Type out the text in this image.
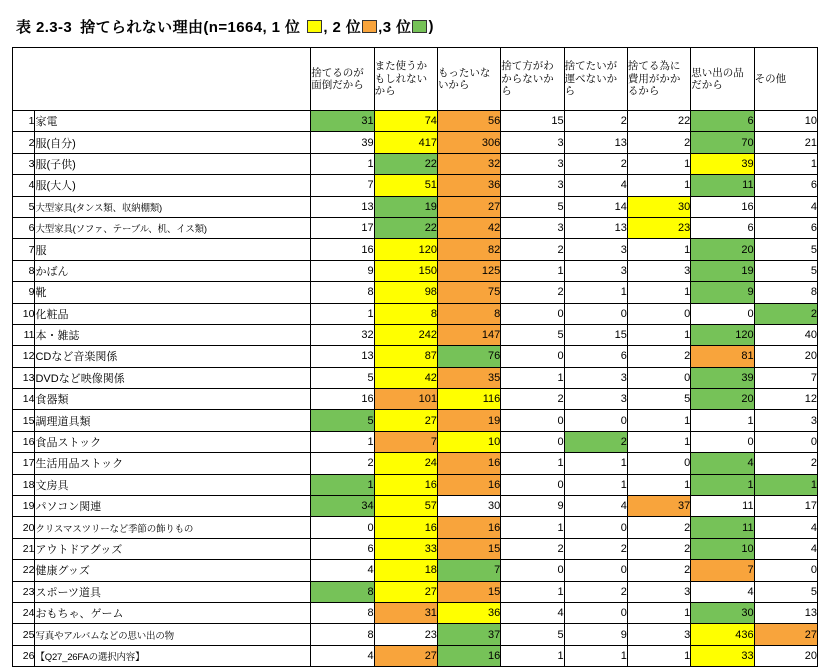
表 2.3-3 捨てられない理由(n=1664, 1 位 , 2 位 ,3 位 )
		捨てるのが面倒だから	また使うかもしれないから	もったいないから	捨て方がわからないから	捨てたいが運べないから	捨てる為に費用がかかるから	思い出の品だから	その他
1	家電	31	74	56	15	2	22	6	10
2	服(自分)	39	417	306	3	13	2	70	21
3	服(子供)	1	22	32	3	2	1	39	1
4	服(大人)	7	51	36	3	4	1	11	6
5	大型家具(タンス類、収納棚類)	13	19	27	5	14	30	16	4
6	大型家具(ソファ、テーブル、机、イス類)	17	22	42	3	13	23	6	6
7	服	16	120	82	2	3	1	20	5
8	かばん	9	150	125	1	3	3	19	5
9	靴	8	98	75	2	1	1	9	8
10	化粧品	1	8	8	0	0	0	0	2
11	本・雑誌	32	242	147	5	15	1	120	40
12	CDなど音楽関係	13	87	76	0	6	2	81	20
13	DVDなど映像関係	5	42	35	1	3	0	39	7
14	食器類	16	101	116	2	3	5	20	12
15	調理道具類	5	27	19	0	0	1	1	3
16	食品ストック	1	7	10	0	2	1	0	0
17	生活用品ストック	2	24	16	1	1	0	4	2
18	文房具	1	16	16	0	1	1	1	1
19	パソコン関連	34	57	30	9	4	37	11	17
20	クリスマスツリーなど季節の飾りもの	0	16	16	1	0	2	11	4
21	アウトドアグッズ	6	33	15	2	2	2	10	4
22	健康グッズ	4	18	7	0	0	2	7	0
23	スポーツ道具	8	27	15	1	2	3	4	5
24	おもちゃ、ゲーム	8	31	36	4	0	1	30	13
25	写真やアルバムなどの思い出の物	8	23	37	5	9	3	436	27
26	【Q27_26FAの選択内容】	4	27	16	1	1	1	33	20
